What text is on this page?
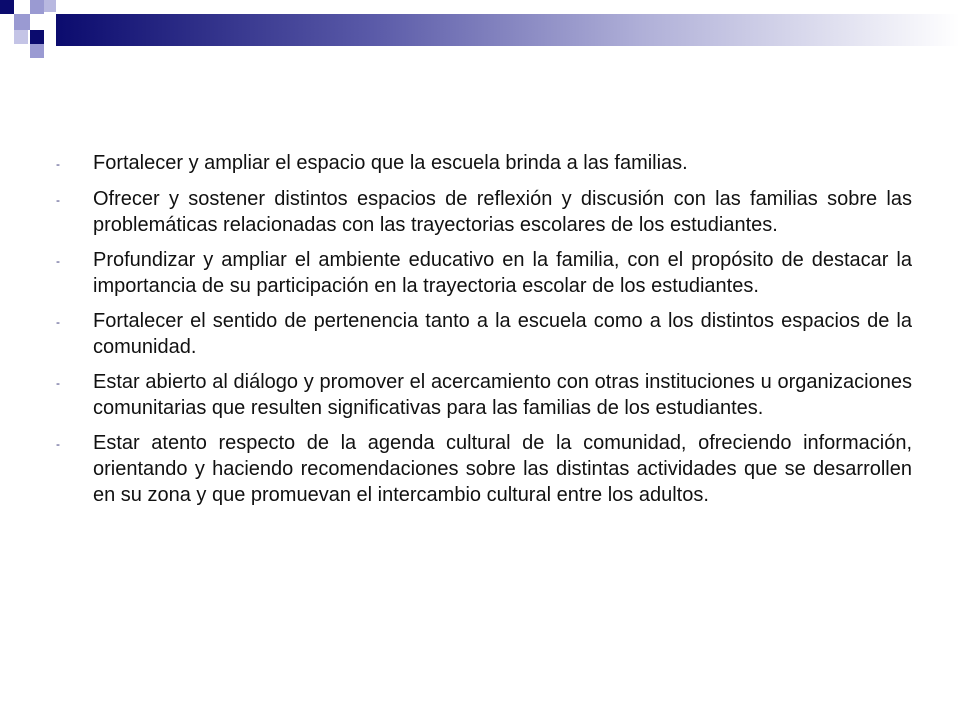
-	Fortalecer y ampliar el espacio que la escuela brinda a las familias.
-	Ofrecer y sostener distintos espacios de reflexión y discusión con las familias sobre las problemáticas relacionadas con las trayectorias escolares de los estudiantes.
-	Profundizar y ampliar el ambiente educativo en la familia, con el propósito de destacar la importancia de su participación en la trayectoria escolar de los estudiantes.
-	Fortalecer el sentido de pertenencia tanto a la escuela como a los distintos espacios de la comunidad.
-	Estar abierto al diálogo y promover el acercamiento con otras instituciones u organizaciones comunitarias que resulten significativas para las familias de los estudiantes.
-	Estar atento respecto de la agenda cultural de la comunidad, ofreciendo información, orientando y haciendo recomendaciones sobre las distintas actividades que se desarrollen en su zona y que promuevan el intercambio cultural entre los adultos.
